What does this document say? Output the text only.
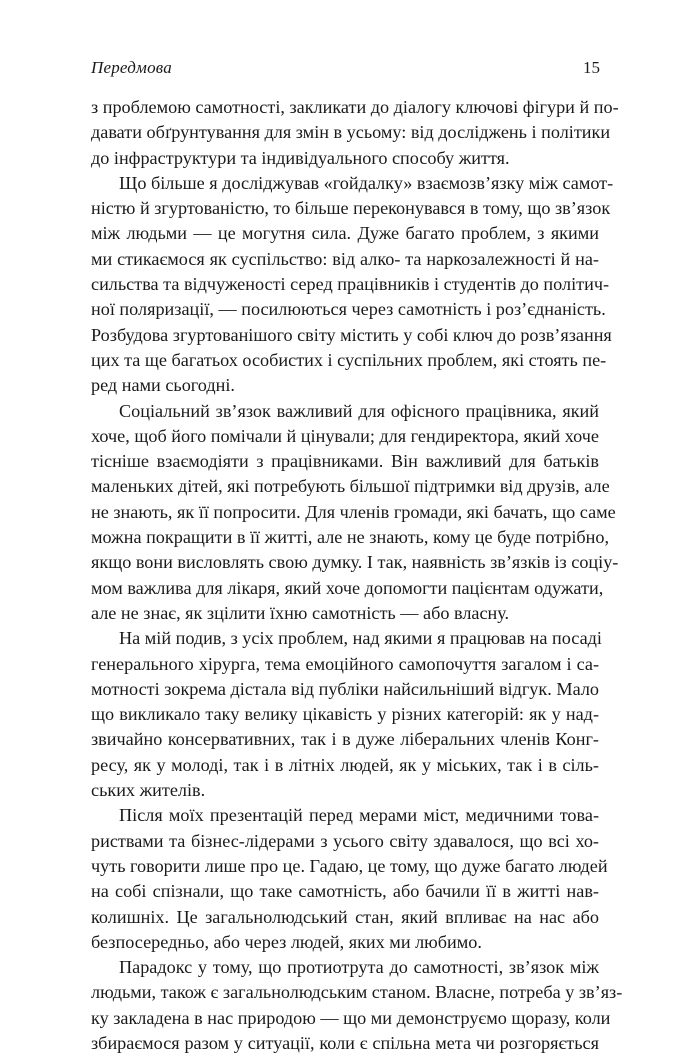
Передмова	15
з проблемою самотності, закликати до діалогу ключові фігури й по-
давати обґрунтування для змін в усьому: від досліджень і політики
до інфраструктури та індивідуального способу життя.
Що більше я досліджував «гойдалку» взаємозв’язку між самот-
ністю й згуртованістю, то більше переконувався в тому, що зв’язок
між людьми — це могутня сила. Дуже багато проблем, з якими
ми стикаємося як суспільство: від алко- та наркозалежності й на-
сильства та відчуженості серед працівників і студентів до політич-
ної поляризації, — посилюються через самотність і роз’єднаність.
Розбудова згуртованішого світу містить у собі ключ до розв’язання
цих та ще багатьох особистих і суспільних проблем, які стоять пе-
ред нами сьогодні.
Соціальний зв’язок важливий для офісного працівника, який
хоче, щоб його помічали й цінували; для гендиректора, який хоче
тісніше взаємодіяти з працівниками. Він важливий для батьків
маленьких дітей, які потребують більшої підтримки від друзів, але
не знають, як її попросити. Для членів громади, які бачать, що саме
можна покращити в її житті, але не знають, кому це буде потрібно,
якщо вони висловлять свою думку. І так, наявність зв’язків із соціу-
мом важлива для лікаря, який хоче допомогти пацієнтам одужати,
але не знає, як зцілити їхню самотність — або власну.
На мій подив, з усіх проблем, над якими я працював на посаді
генерального хірурга, тема емоційного самопочуття загалом і са-
мотності зокрема дістала від публіки найсильніший відгук. Мало
що викликало таку велику цікавість у різних категорій: як у над-
звичайно консервативних, так і в дуже ліберальних членів Конг-
ресу, як у молоді, так і в літніх людей, як у міських, так і в сіль-
ських жителів.
Після моїх презентацій перед мерами міст, медичними това-
риствами та бізнес-лідерами з усього світу здавалося, що всі хо-
чуть говорити лише про це. Гадаю, це тому, що дуже багато людей
на собі спізнали, що таке самотність, або бачили її в житті нав-
колишніх. Це загальнолюдський стан, який впливає на нас або
безпосередньо, або через людей, яких ми любимо.
Парадокс у тому, що протиотрута до самотності, зв’язок між
людьми, також є загальнолюдським станом. Власне, потреба у зв’яз-
ку закладена в нас природою — що ми демонструємо щоразу, коли
збираємося разом у ситуації, коли є спільна мета чи розгоряється
